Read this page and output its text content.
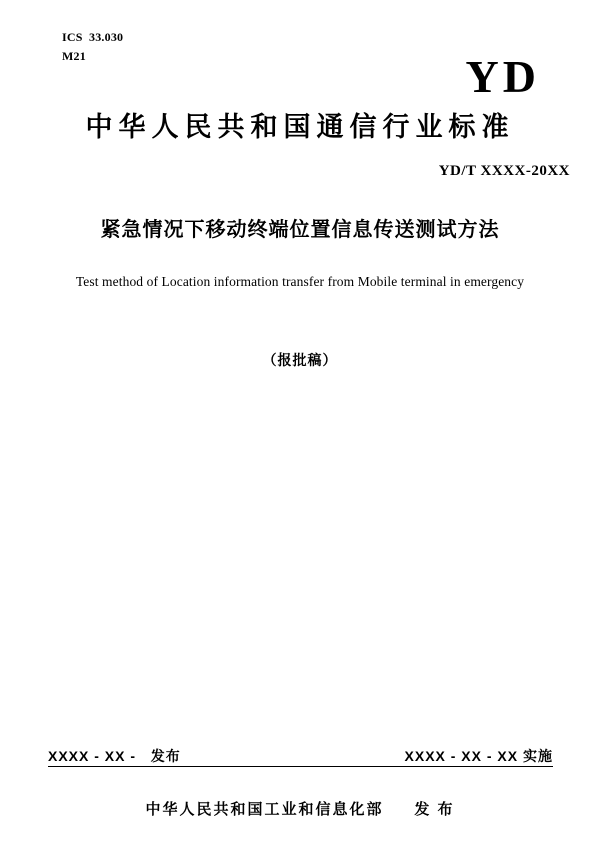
ICS 33.030
M21	YD
中华人民共和国通信行业标准
YD/T XXXX-20XX
紧急情况下移动终端位置信息传送测试方法
Test method of Location information transfer from Mobile terminal in emergency
（报批稿）
XXXX - XX -   发布	XXXX - XX - XX 实施
中华人民共和国工业和信息化部     发 布
